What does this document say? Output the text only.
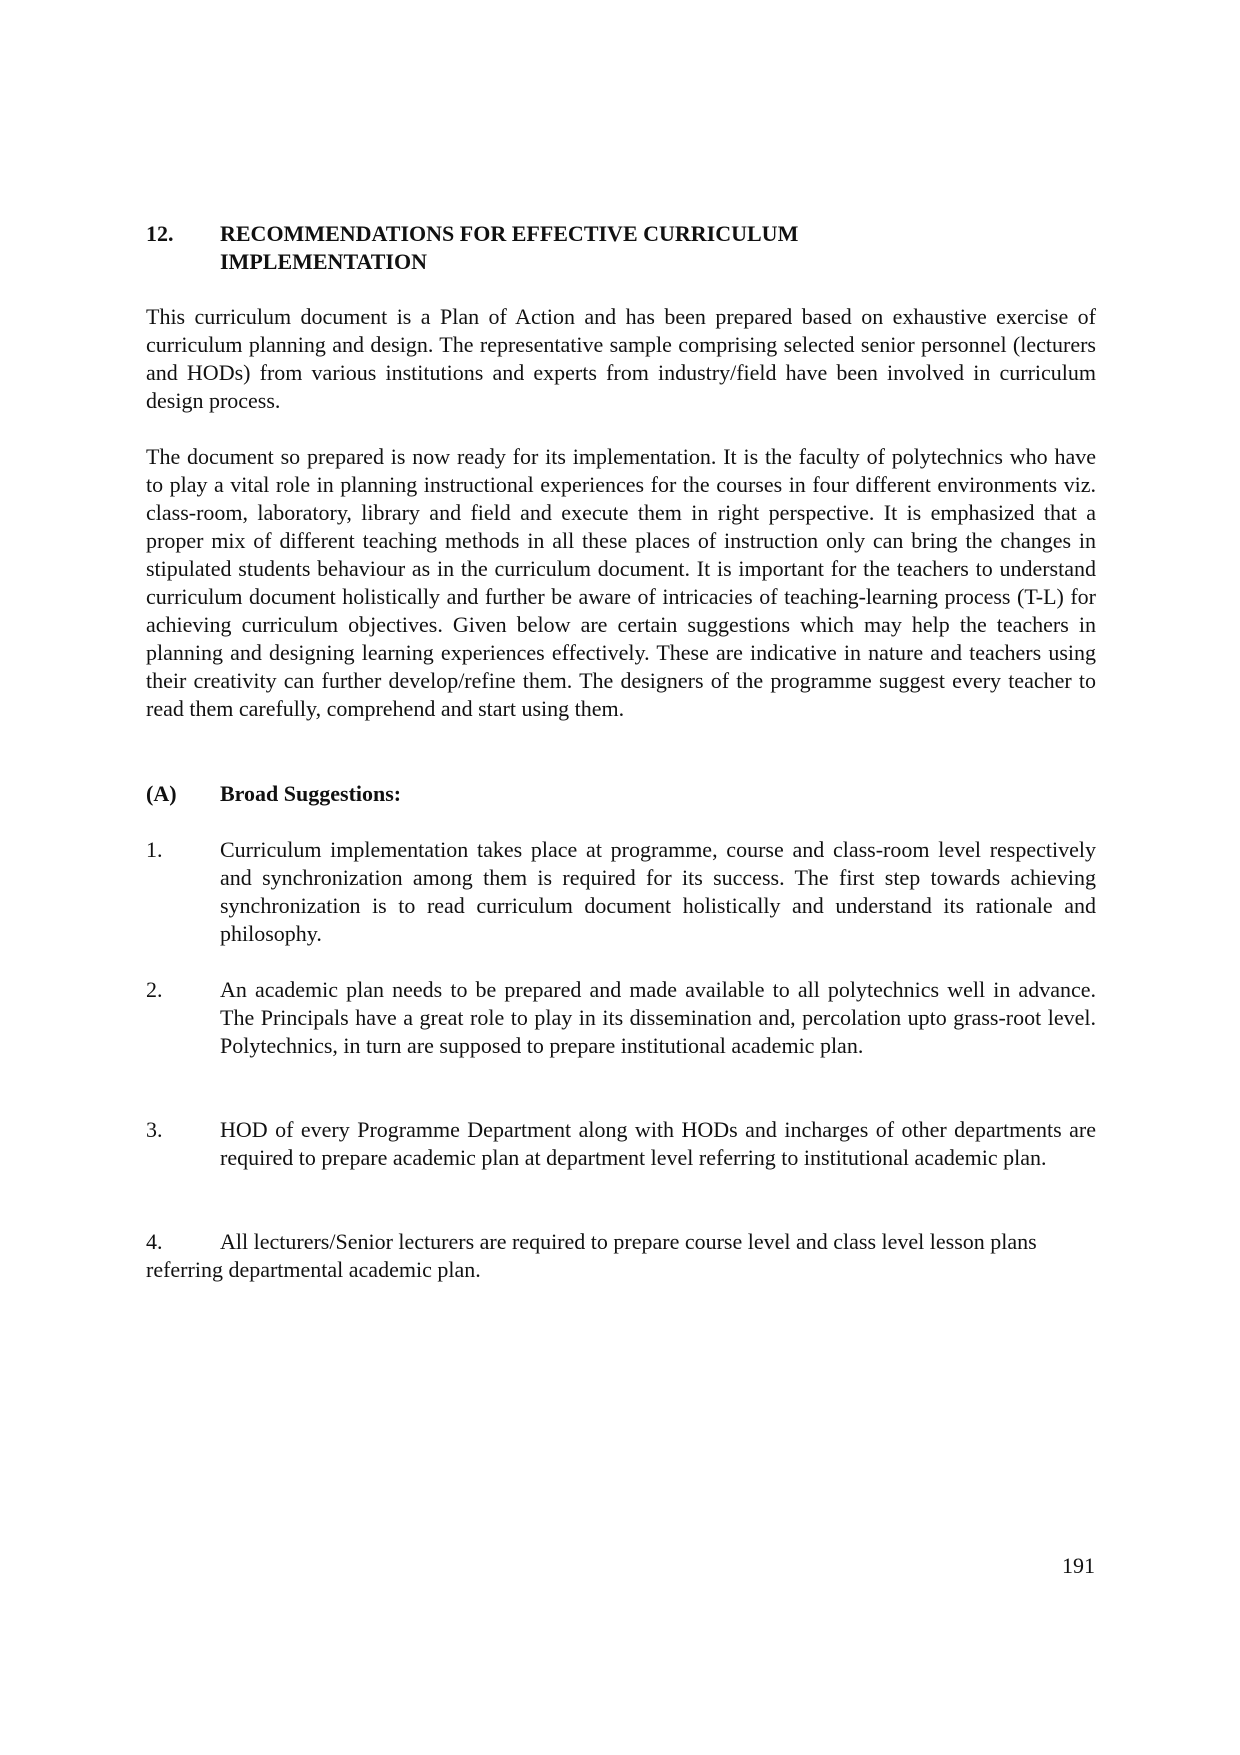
12. RECOMMENDATIONS FOR EFFECTIVE CURRICULUM IMPLEMENTATION

This curriculum document is a Plan of Action and has been prepared based on exhaustive exercise of curriculum planning and design. The representative sample comprising selected senior personnel (lecturers and HODs) from various institutions and experts from industry/field have been involved in curriculum design process.

The document so prepared is now ready for its implementation. It is the faculty of polytechnics who have to play a vital role in planning instructional experiences for the courses in four different environments viz. class-room, laboratory, library and field and execute them in right perspective. It is emphasized that a proper mix of different teaching methods in all these places of instruction only can bring the changes in stipulated students behaviour as in the curriculum document. It is important for the teachers to understand curriculum document holistically and further be aware of intricacies of teaching-learning process (T-L) for achieving curriculum objectives. Given below are certain suggestions which may help the teachers in planning and designing learning experiences effectively. These are indicative in nature and teachers using their creativity can further develop/refine them. The designers of the programme suggest every teacher to read them carefully, comprehend and start using them.

(A) Broad Suggestions:
1.	Curriculum implementation takes place at programme, course and class-room level respectively and synchronization among them is required for its success. The first step towards achieving synchronization is to read curriculum document holistically and understand its rationale and philosophy.
2.	An academic plan needs to be prepared and made available to all polytechnics well in advance. The Principals have a great role to play in its dissemination and, percolation upto grass-root level. Polytechnics, in turn are supposed to prepare institutional academic plan.
3.	HOD of every Programme Department along with HODs and incharges of other departments are required to prepare academic plan at department level referring to institutional academic plan.
4.	All lecturers/Senior lecturers are required to prepare course level and class level lesson plans referring departmental academic plan.
191
